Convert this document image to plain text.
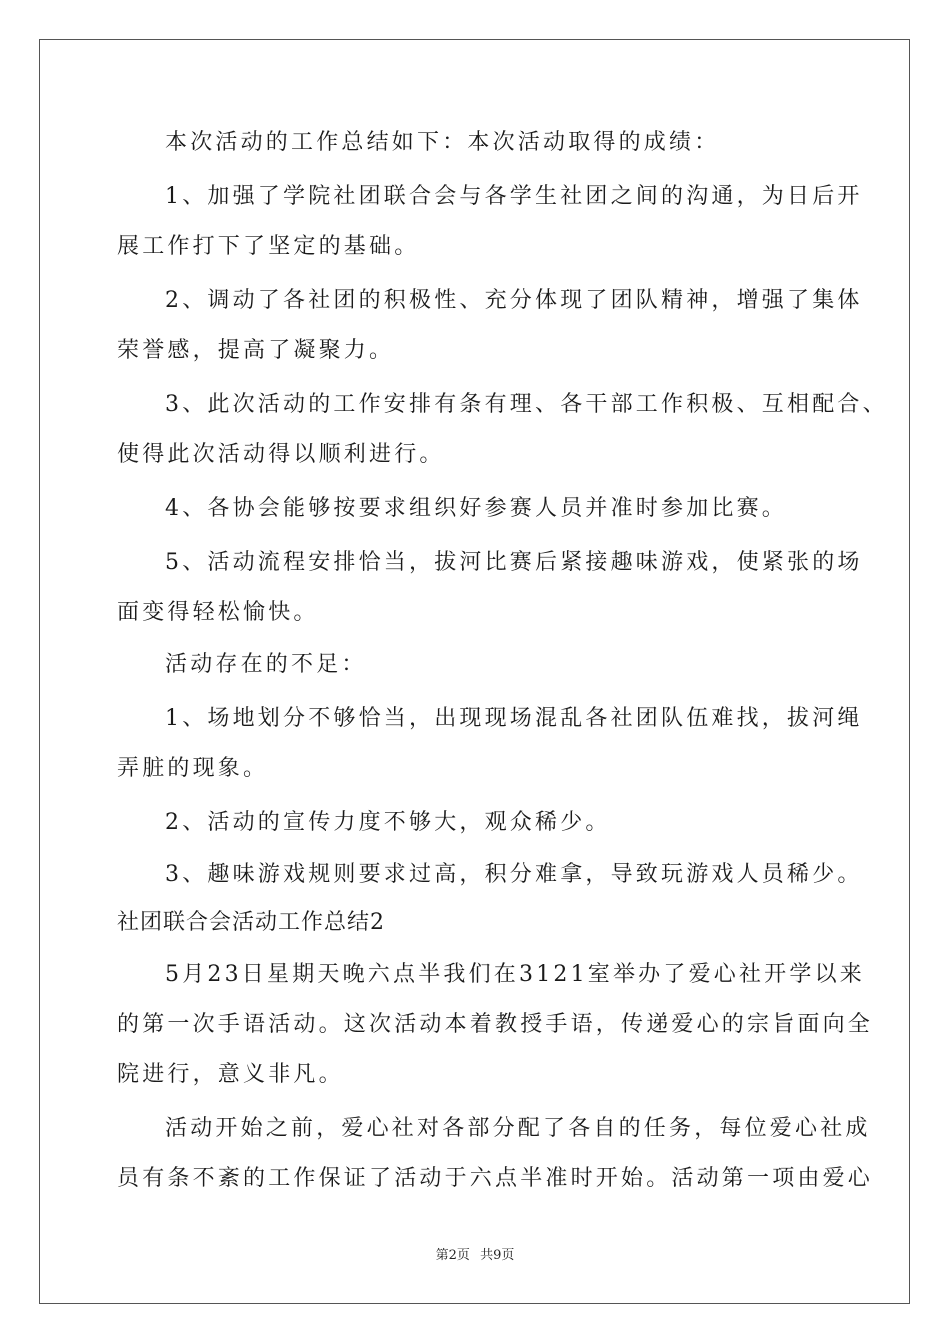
本次活动的工作总结如下：本次活动取得的成绩：
1、加强了学院社团联合会与各学生社团之间的沟通，为日后开
展工作打下了坚定的基础。
2、调动了各社团的积极性、充分体现了团队精神，增强了集体
荣誉感，提高了凝聚力。
3、此次活动的工作安排有条有理、各干部工作积极、互相配合、
使得此次活动得以顺利进行。
4、各协会能够按要求组织好参赛人员并准时参加比赛。
5、活动流程安排恰当，拔河比赛后紧接趣味游戏，使紧张的场
面变得轻松愉快。
活动存在的不足：
1、场地划分不够恰当，出现现场混乱各社团队伍难找，拔河绳
弄脏的现象。
2、活动的宣传力度不够大，观众稀少。
3、趣味游戏规则要求过高，积分难拿，导致玩游戏人员稀少。
社团联合会活动工作总结2
5月23日星期天晚六点半我们在3121室举办了爱心社开学以来
的第一次手语活动。这次活动本着教授手语，传递爱心的宗旨面向全
院进行，意义非凡。
活动开始之前，爱心社对各部分配了各自的任务，每位爱心社成
员有条不紊的工作保证了活动于六点半准时开始。活动第一项由爱心
第2页 共9页
